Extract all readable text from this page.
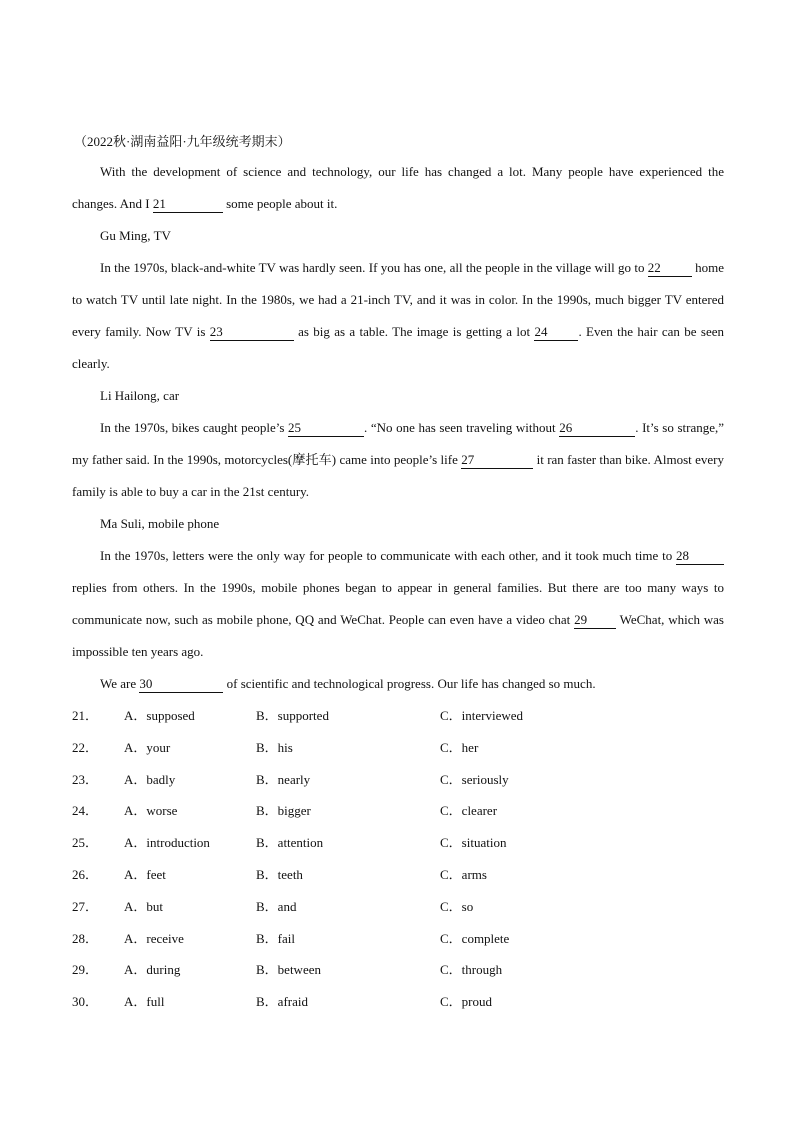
（2022秋·湖南益阳·九年级统考期末）

With the development of science and technology, our life has changed a lot. Many people have experienced the changes. And I 21	some people about it.

Gu Ming, TV

In the 1970s, black-and-white TV was hardly seen. If you has one, all the people in the village will go to 22 home to watch TV until late night. In the 1980s, we had a 21-inch TV, and it was in color. In the 1990s, much bigger TV entered every family. Now TV is 23	as big as a table. The image is getting a lot 24 . Even the hair can be seen clearly.

Li Hailong, car

In the 1970s, bikes caught people’s 25	. “No one has seen traveling without 26	. It’s so strange,” my father said. In the 1990s, motorcycles(摩托车) came into people’s life 27	it ran faster than bike. Almost every family is able to buy a car in the 21st century.

Ma Suli, mobile phone

In the 1970s, letters were the only way for people to communicate with each other, and it took much time to 28 replies from others. In the 1990s, mobile phones began to appear in general families. But there are too many ways to communicate now, such as mobile phone, QQ and WeChat. People can even have a video chat 29 WeChat, which was impossible ten years ago.

We are 30	of scientific and technological progress. Our life has changed so much.

21． A．supposed	B．supported	C．interviewed
22． A．your	B．his	C．her
23． A．badly	B．nearly	C．seriously
24． A．worse	B．bigger	C．clearer
25． A．introduction	B．attention	C．situation
26． A．feet	B．teeth	C．arms
27． A．but	B．and	C．so
28． A．receive	B．fail	C．complete
29． A．during	B．between	C．through
30． A．full	B．afraid	C．proud
